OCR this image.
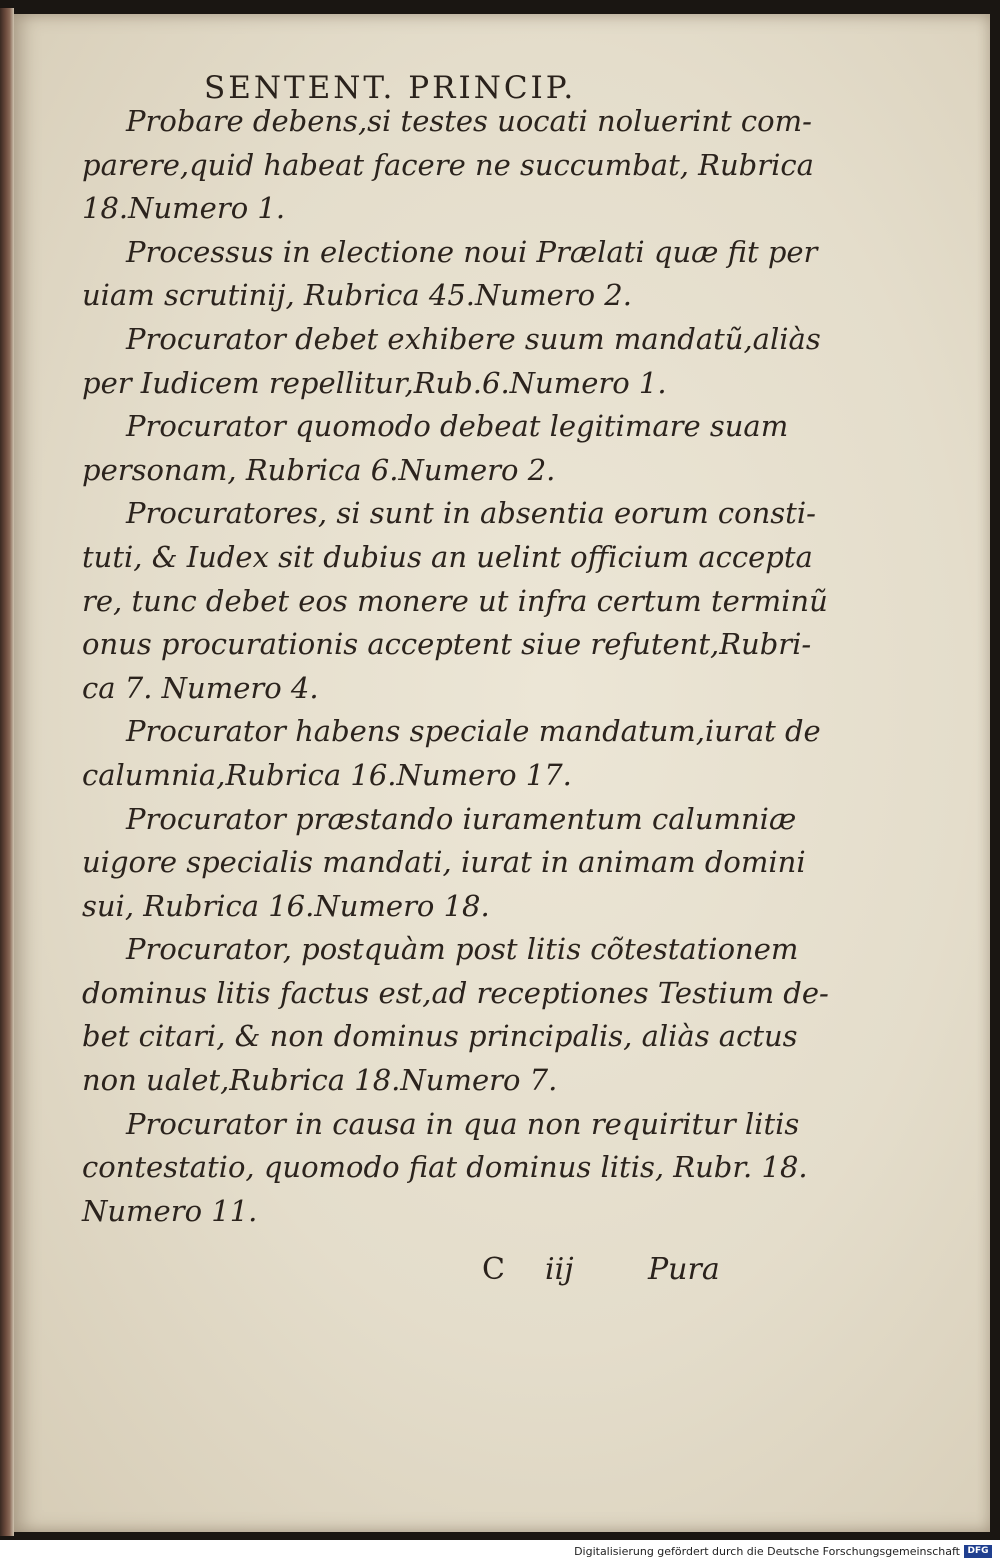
SENTENT. PRINCIP.
Probare debens,si testes uocati noluerint com-
parere,quid habeat facere ne succumbat, Rubrica
18.Numero 1.
Processus in electione noui Prælati quæ fit per
uiam scrutinij, Rubrica 45.Numero 2.
Procurator debet exhibere suum mandatũ,aliàs
per Iudicem repellitur,Rub.6.Numero 1.
Procurator quomodo debeat legitimare suam
personam, Rubrica 6.Numero 2.
Procuratores, si sunt in absentia eorum consti-
tuti, & Iudex sit dubius an uelint officium accepta
re, tunc debet eos monere ut infra certum terminũ
onus procurationis acceptent siue refutent,Rubri-
ca 7. Numero 4.
Procurator habens speciale mandatum,iurat de
calumnia,Rubrica 16.Numero 17.
Procurator præstando iuramentum calumniæ
uigore specialis mandati, iurat in animam domini
sui, Rubrica 16.Numero 18.
Procurator, postquàm post litis cõtestationem
dominus litis factus est,ad receptiones Testium de-
bet citari, & non dominus principalis, aliàs actus
non ualet,Rubrica 18.Numero 7.
Procurator in causa in qua non requiritur litis
contestatio, quomodo fiat dominus litis, Rubr. 18.
Numero 11.
C iij Pura
Digitalisierung gefördert durch die Deutsche Forschungsgemeinschaft DFG
